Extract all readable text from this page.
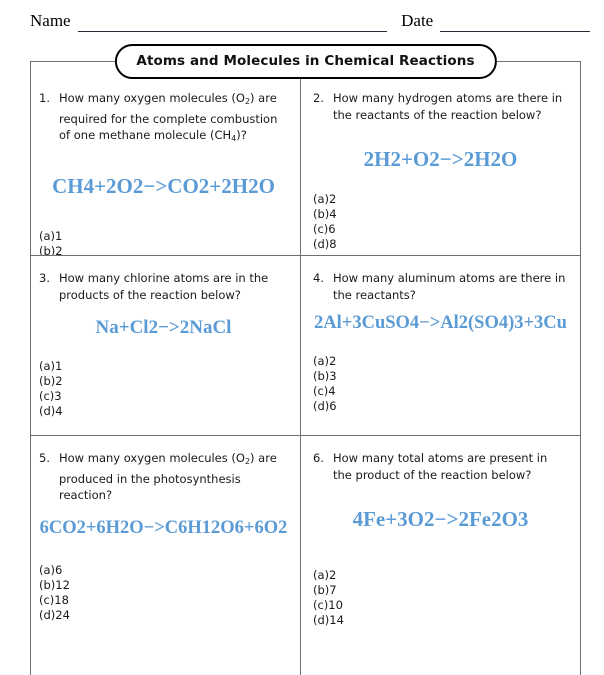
Name	Date
Atoms and Molecules in Chemical Reactions
1. How many oxygen molecules $(O_2)$ are required for the complete combustion of one methane molecule $(CH_4)$?
CH4+2O2−>CO2+2H2O
(a)1
(b)2
2. How many hydrogen atoms are there in the reactants of the reaction below?
2H2+O2−>2H2O
(a)2
(b)4
(c)6
(d)8
3. How many chlorine atoms are in the products of the reaction below?
Na+Cl2−>2NaCl
(a)1
(b)2
(c)3
(d)4
4. How many aluminum atoms are there in the reactants?
2Al+3CuSO4−>Al2(SO4)3+3Cu
(a)2
(b)3
(c)4
(d)6
5. How many oxygen molecules $(O_2)$ are produced in the photosynthesis reaction?
6CO2+6H2O−>C6H12O6+6O2
(a)6
(b)12
(c)18
(d)24
6. How many total atoms are present in the product of the reaction below?
4Fe+3O2−>2Fe2O3
(a)2
(b)7
(c)10
(d)14
